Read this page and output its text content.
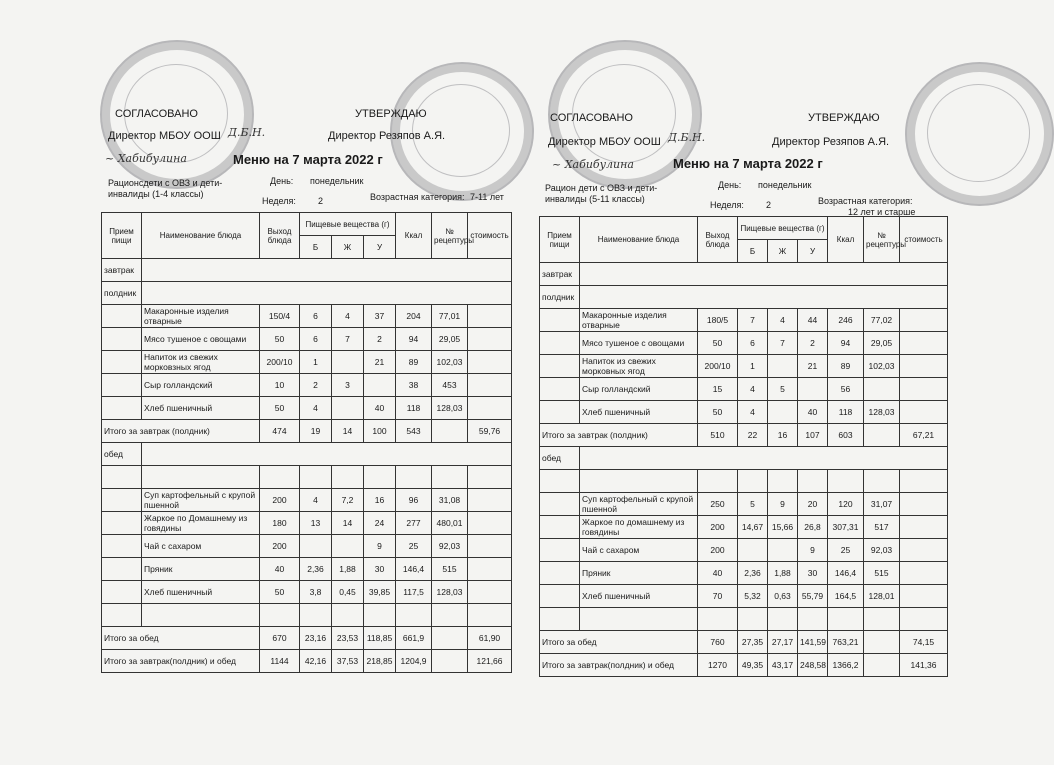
СОГЛАСОВАНО	УТВЕРЖДАЮ
Директор МБОУ ООШ Д.Б.Н.	Директор Резяпов А.Я.
~ Хабибулина	Меню на 7 марта 2022 г
Рационсдети с ОВЗ и дети-инвалиды (1-4 классы)
День: понедельник
Неделя: 2	Возрастная категория: 7-11 лет
Прием пищи	Наименование блюда	Выход блюда	Пищевые вещества (г)			Ккал	№ рецептуры	стоимость
			Б	Ж	У			
завтрак								
полдник								
	Макаронные изделия отварные	150/4	6	4	37	204	77,01	
	Мясо тушеное с овощами	50	6	7	2	94	29,05	
	Напиток из свежих морковзных ягод	200/10	1		21	89	102,03	
	Сыр голландский	10	2	3		38	453	
	Хлеб пшеничный	50	4		40	118	128,03	
Итого за завтрак (полдник)		474	19	14	100	543		59,76
обед								

	Суп картофельный с крупой пшенной	200	4	7,2	16	96	31,08	
	Жаркое по Домашнему из говядины	180	13	14	24	277	480,01	
	Чай с сахаром	200			9	25	92,03	
	Пряник	40	2,36	1,88	30	146,4	515	
	Хлеб пшеничный	50	3,8	0,45	39,85	117,5	128,03	

Итого за обед		670	23,16	23,53	118,85	661,9		61,90
Итого за завтрак(полдник) и обед		1144	42,16	37,53	218,85	1204,9		121,66
СОГЛАСОВАНО	УТВЕРЖДАЮ
Директор МБОУ ООШ Д.Б.Н.	Директор Резяпов А.Я.
~ Хабибулина	Меню на 7 марта 2022 г
Рацион дети с ОВЗ и дети-инвалиды (5-11 классы)
День: понедельник
Неделя: 2	Возрастная категория:
12 лет и старше
Прием пищи	Наименование блюда	Выход блюда	Пищевые вещества (г)			Ккал	№ рецептуры	стоимость
			Б	Ж	У			
завтрак								
полдник								
	Макаронные изделия отварные	180/5	7	4	44	246	77,02	
	Мясо тушеное с овощами	50	6	7	2	94	29,05	
	Напиток из свежих морковных ягод	200/10	1		21	89	102,03	
	Сыр голландский	15	4	5		56		
	Хлеб пшеничный	50	4		40	118	128,03	
Итого за завтрак (полдник)		510	22	16	107	603		67,21
обед								

	Суп картофельный с крупой пшенной	250	5	9	20	120	31,07	
	Жаркое по домашнему из говядины	200	14,67	15,66	26,8	307,31	517	
	Чай с сахаром	200			9	25	92,03	
	Пряник	40	2,36	1,88	30	146,4	515	
	Хлеб пшеничный	70	5,32	0,63	55,79	164,5	128,01	

Итого за обед		760	27,35	27,17	141,59	763,21		74,15
Итого за завтрак(полдник) и обед		1270	49,35	43,17	248,58	1366,2		141,36
